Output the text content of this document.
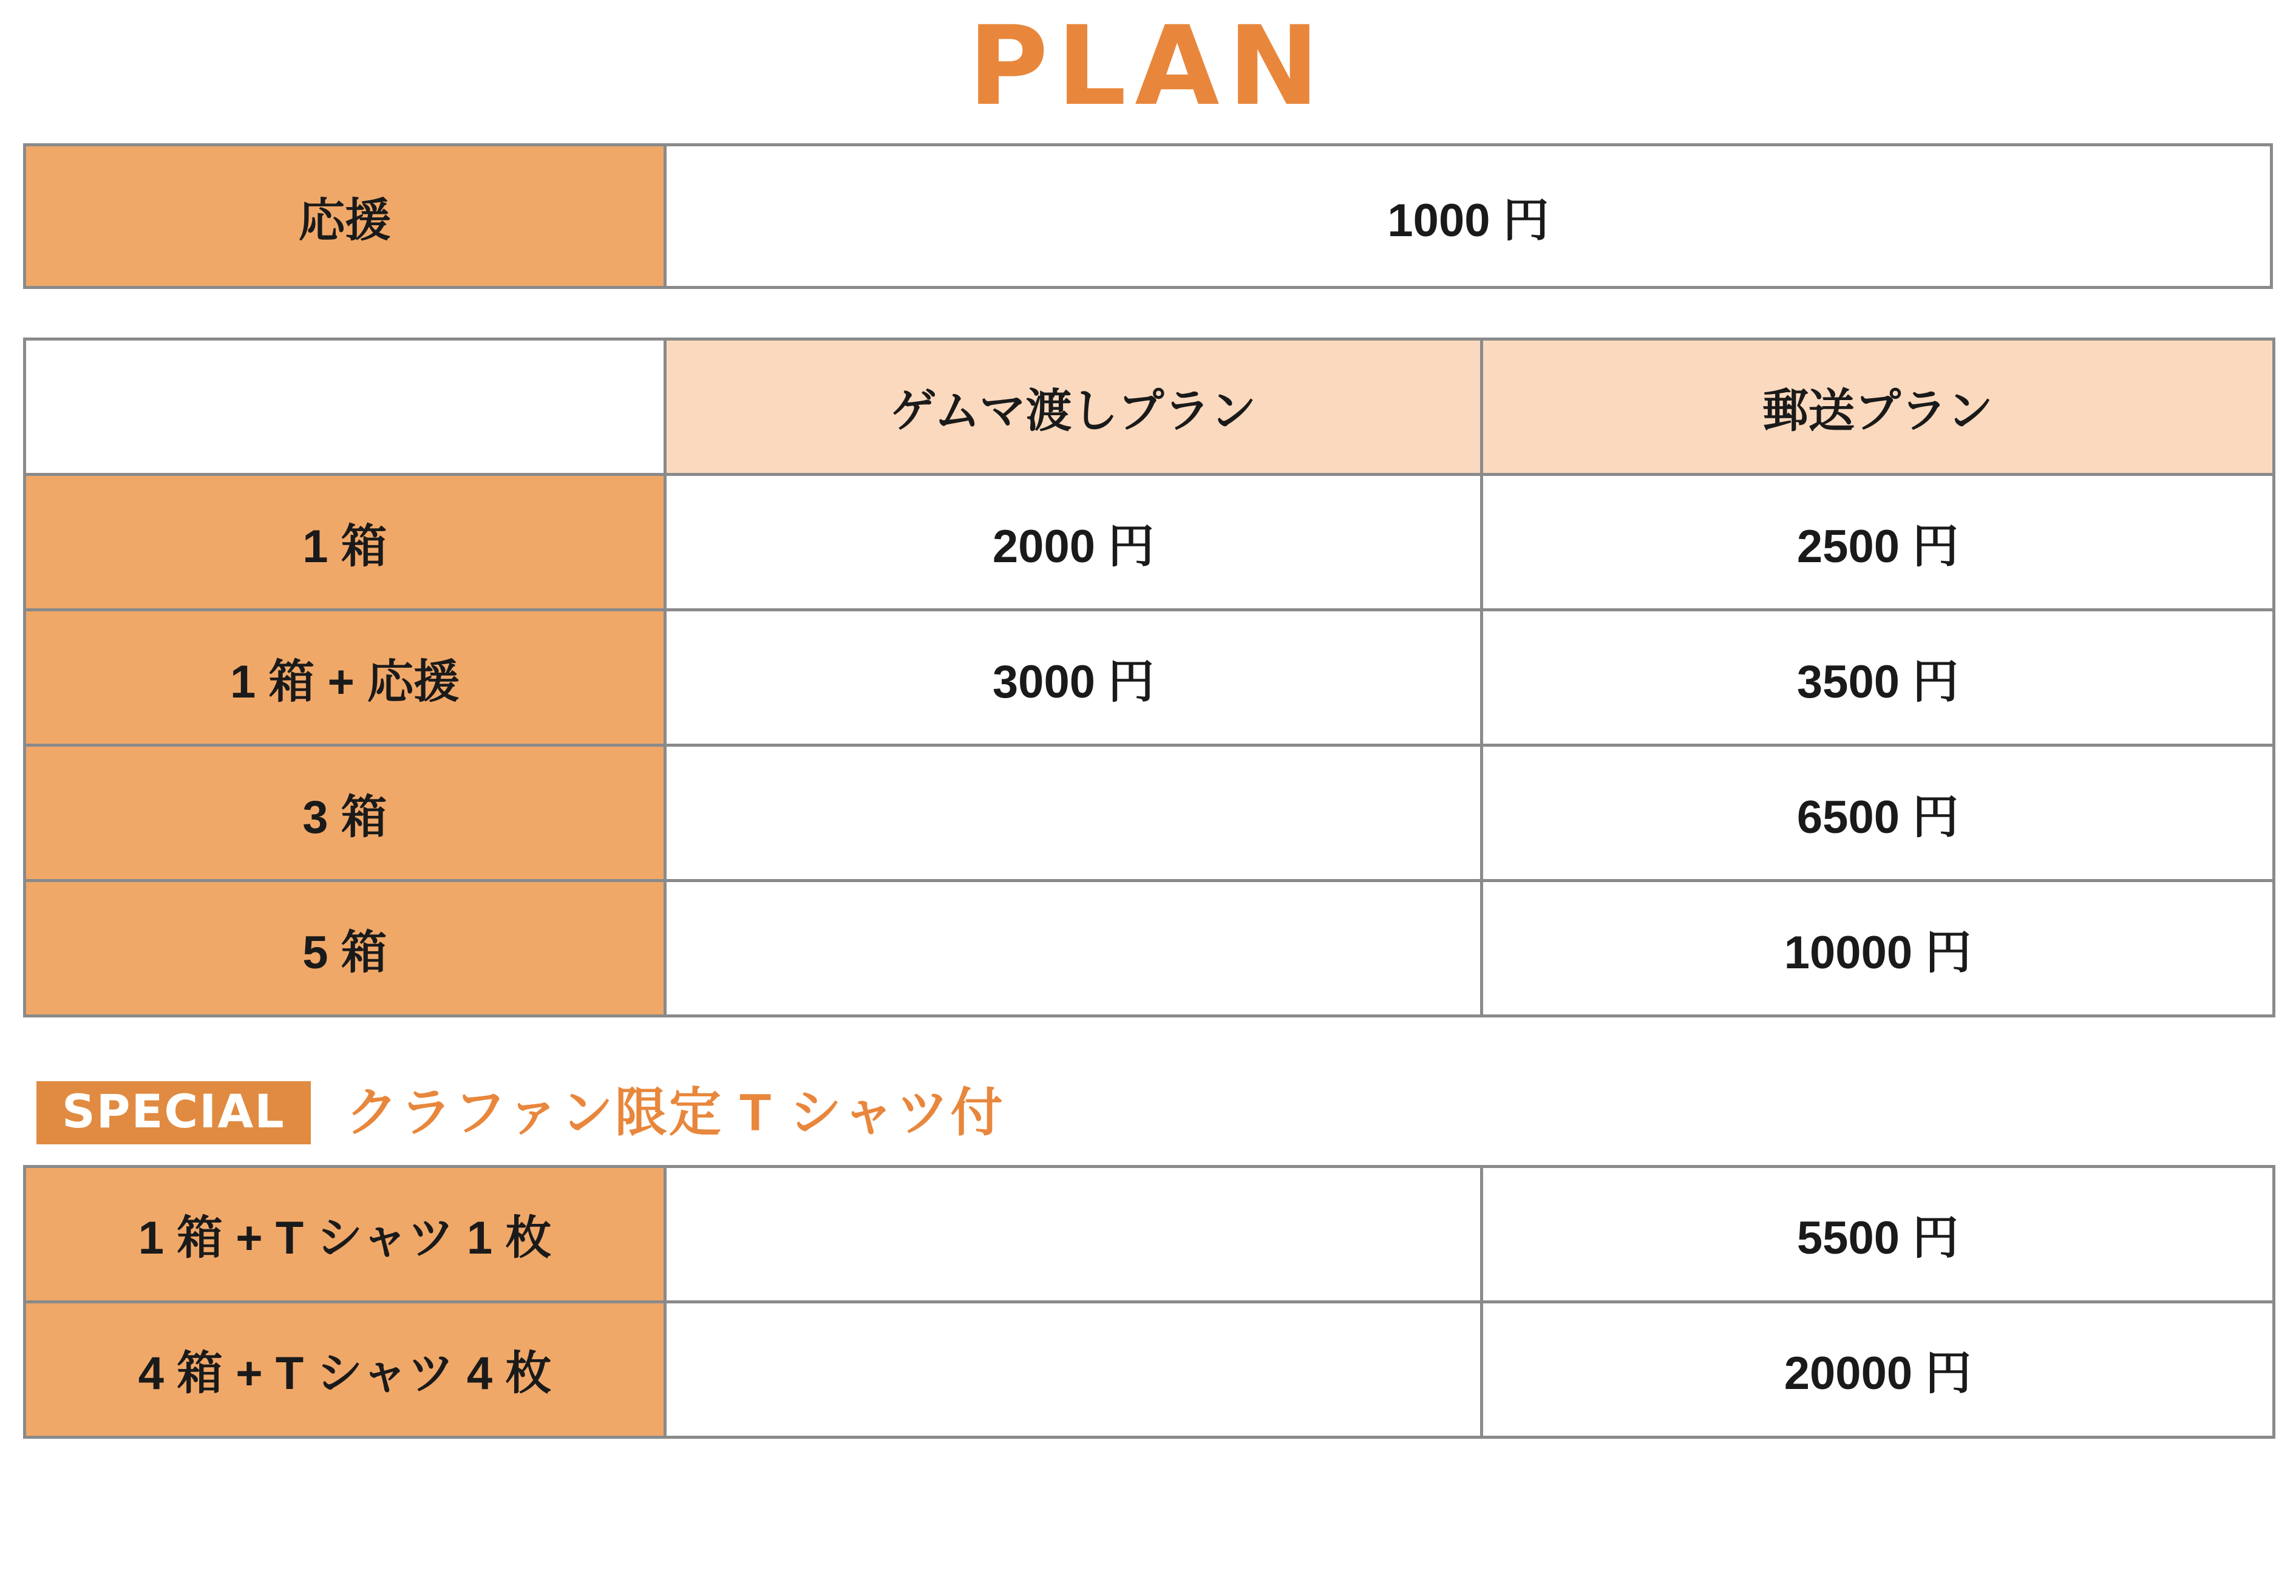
PLAN
応援	1000 円
	ゲムマ渡しプラン	郵送プラン
1 箱	2000 円	2500 円
1 箱 + 応援	3000 円	3500 円
3 箱		6500 円
5 箱		10000 円
SPECIAL	クラファン限定 T シャツ付
1 箱 + T シャツ 1 枚		5500 円
4 箱 + T シャツ 4 枚		20000 円
